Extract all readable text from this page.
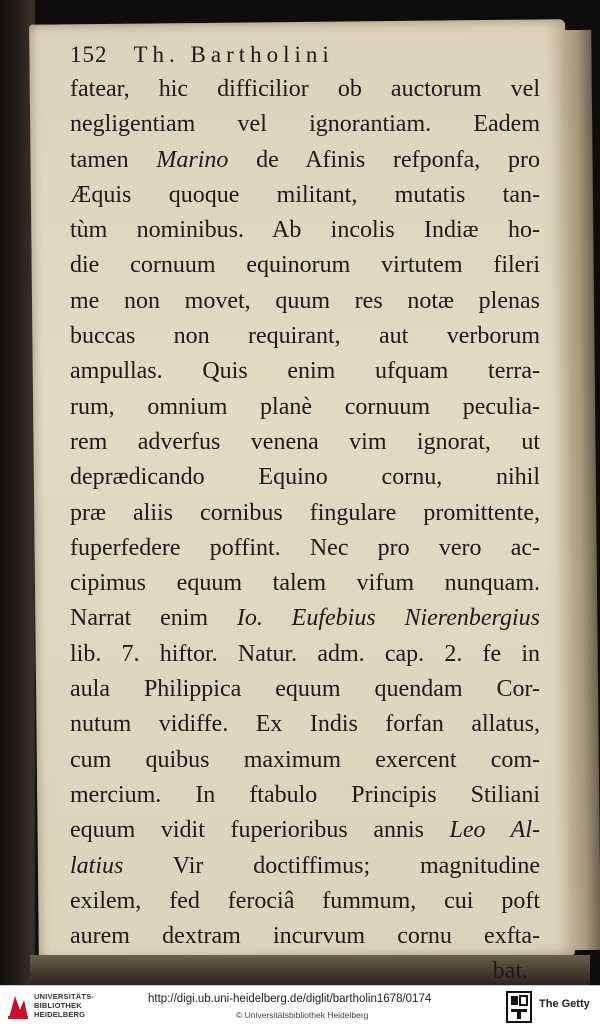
152 Th. Bartholini
fatear, hic difficilior ob auctorum vel
negligentiam vel ignorantiam. Eadem
tamen Marino de Afinis refponfa, pro
Æquis quoque militant, mutatis tan-
tùm nominibus. Ab incolis Indiæ ho-
die cornuum equinorum virtutem fileri
me non movet, quum res notæ plenas
buccas non requirant, aut verborum
ampullas. Quis enim ufquam terra-
rum, omnium planè cornuum peculia-
rem adverfus venena vim ignorat, ut
deprædicando Equino cornu, nihil
præ aliis cornibus fingulare promittente,
fuperfedere poffint. Nec pro vero ac-
cipimus equum talem vifum nunquam.
Narrat enim Io. Eufebius Nierenbergius
lib. 7. hiftor. Natur. adm. cap. 2. fe in
aula Philippica equum quendam Cor-
nutum vidiffe. Ex Indis forfan allatus,
cum quibus maximum exercent com-
mercium. In ftabulo Principis Stiliani
equum vidit fuperioribus annis Leo Al-
latius Vir doctiffimus; magnitudine
exilem, fed ferociâ fummum, cui poft
aurem dextram incurvum cornu exfta-
bat.
UNIVERSITÄTS-
BIBLIOTHEK
HEIDELBERG
http://digi.ub.uni-heidelberg.de/diglit/bartholin1678/0174
© Universitätsbibliothek Heidelberg
The Getty
